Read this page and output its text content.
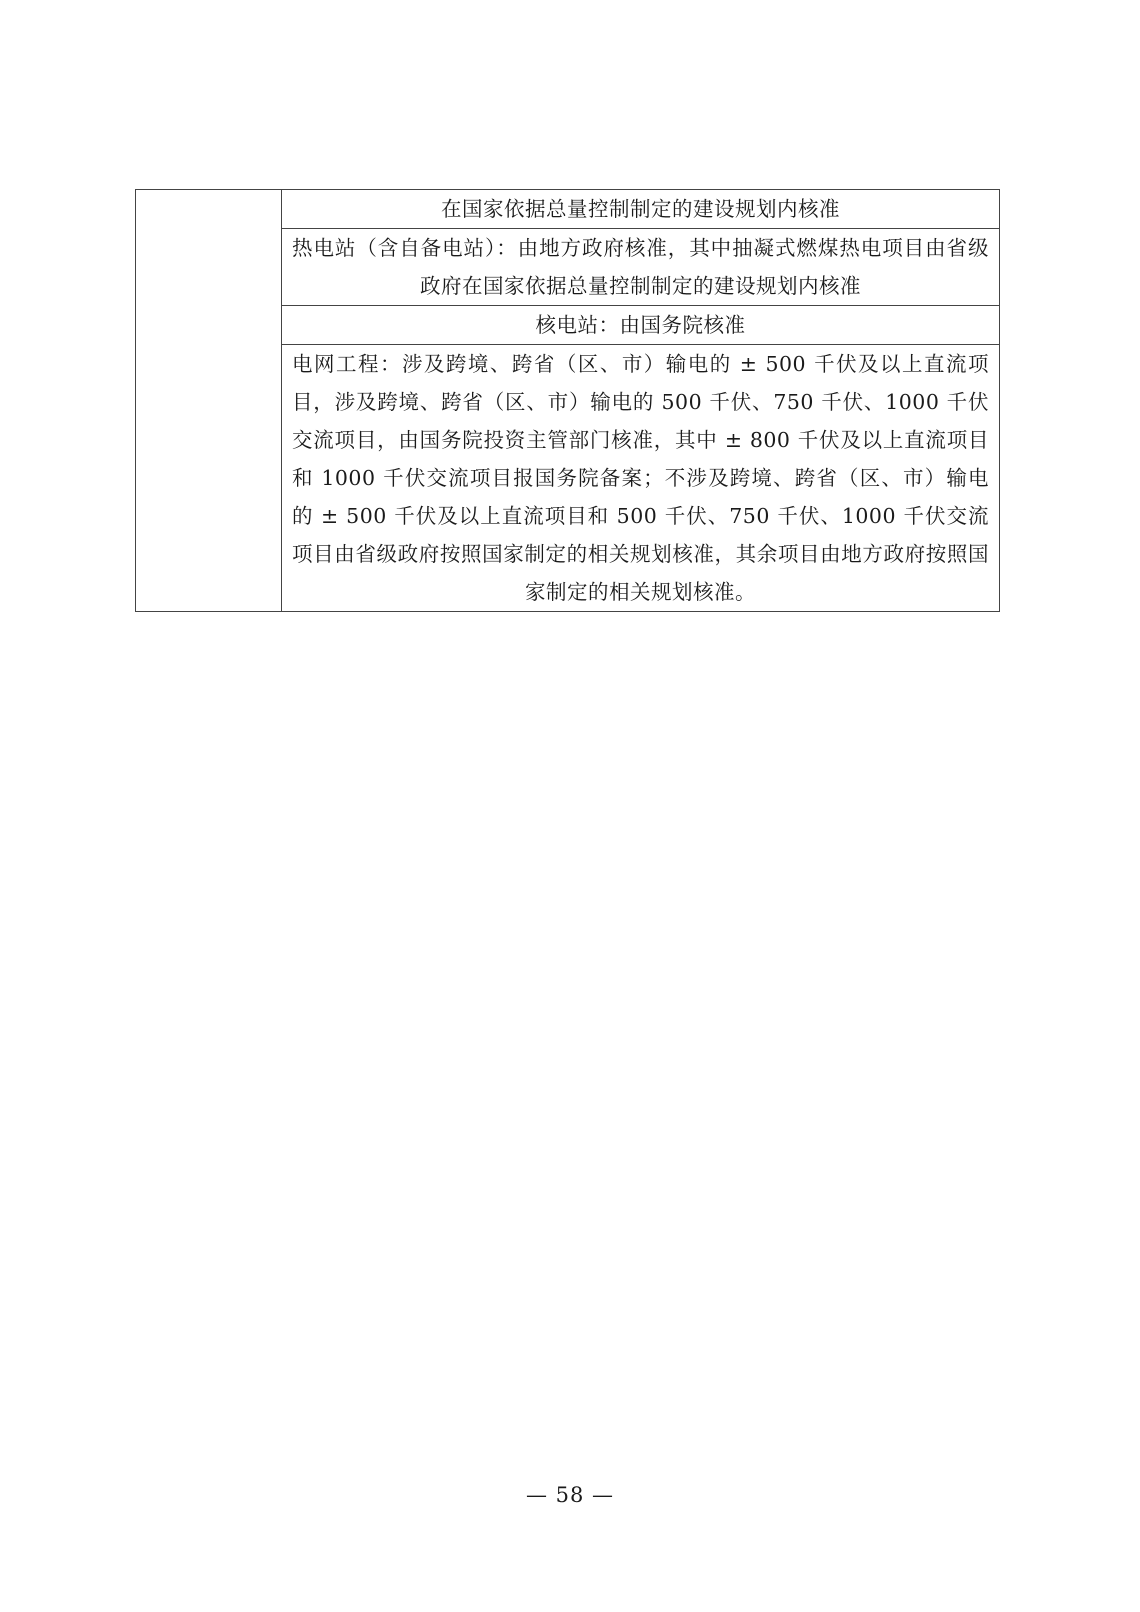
在国家依据总量控制制定的建设规划内核准

热电站（含自备电站）：由地方政府核准，其中抽凝式燃煤热电项目由省级政府在国家依据总量控制制定的建设规划内核准

核电站：由国务院核准

电网工程：涉及跨境、跨省（区、市）输电的 ± 500 千伏及以上直流项目，涉及跨境、跨省（区、市）输电的 500 千伏、750 千伏、1000 千伏交流项目，由国务院投资主管部门核准，其中 ± 800 千伏及以上直流项目和 1000 千伏交流项目报国务院备案；不涉及跨境、跨省（区、市）输电的 ± 500 千伏及以上直流项目和 500 千伏、750 千伏、1000 千伏交流项目由省级政府按照国家制定的相关规划核准，其余项目由地方政府按照国家制定的相关规划核准。
— 58 —
